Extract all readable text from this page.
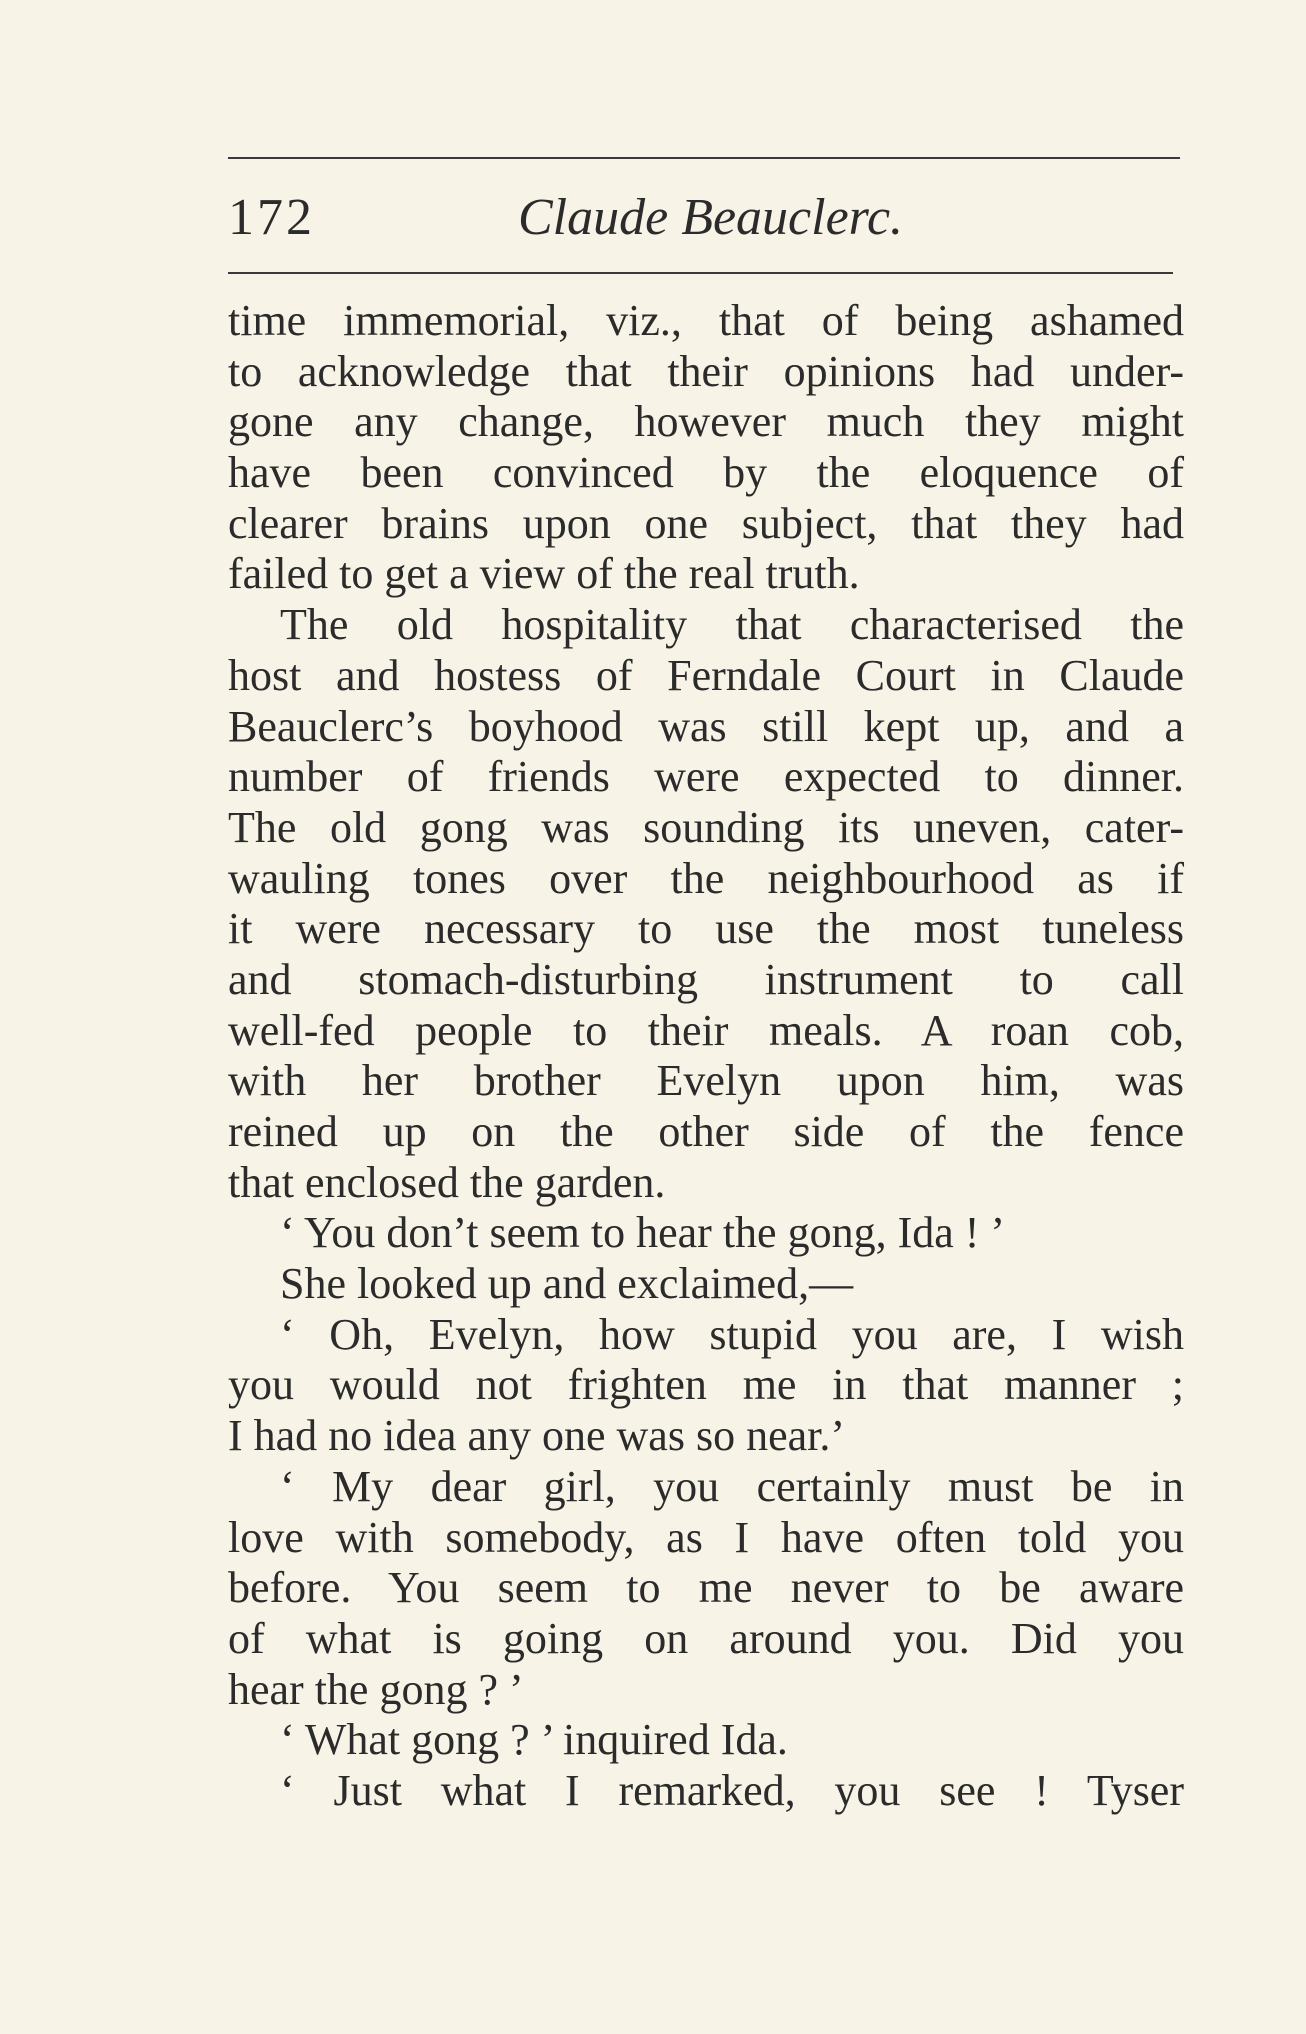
172	Claude Beauclerc.
time immemorial, viz., that of being ashamed
to acknowledge that their opinions had under-
gone any change, however much they might
have been convinced by the eloquence of
clearer brains upon one subject, that they had
failed to get a view of the real truth.
The old hospitality that characterised the
host and hostess of Ferndale Court in Claude
Beauclerc’s boyhood was still kept up, and a
number of friends were expected to dinner.
The old gong was sounding its uneven, cater-
wauling tones over the neighbourhood as if
it were necessary to use the most tuneless
and stomach-disturbing instrument to call
well-fed people to their meals. A roan cob,
with her brother Evelyn upon him, was
reined up on the other side of the fence
that enclosed the garden.
‘ You don’t seem to hear the gong, Ida ! ’
She looked up and exclaimed,—
‘ Oh, Evelyn, how stupid you are, I wish
you would not frighten me in that manner ;
I had no idea any one was so near.’
‘ My dear girl, you certainly must be in
love with somebody, as I have often told you
before. You seem to me never to be aware
of what is going on around you. Did you
hear the gong ? ’
‘ What gong ? ’ inquired Ida.
‘ Just what I remarked, you see ! Tyser
